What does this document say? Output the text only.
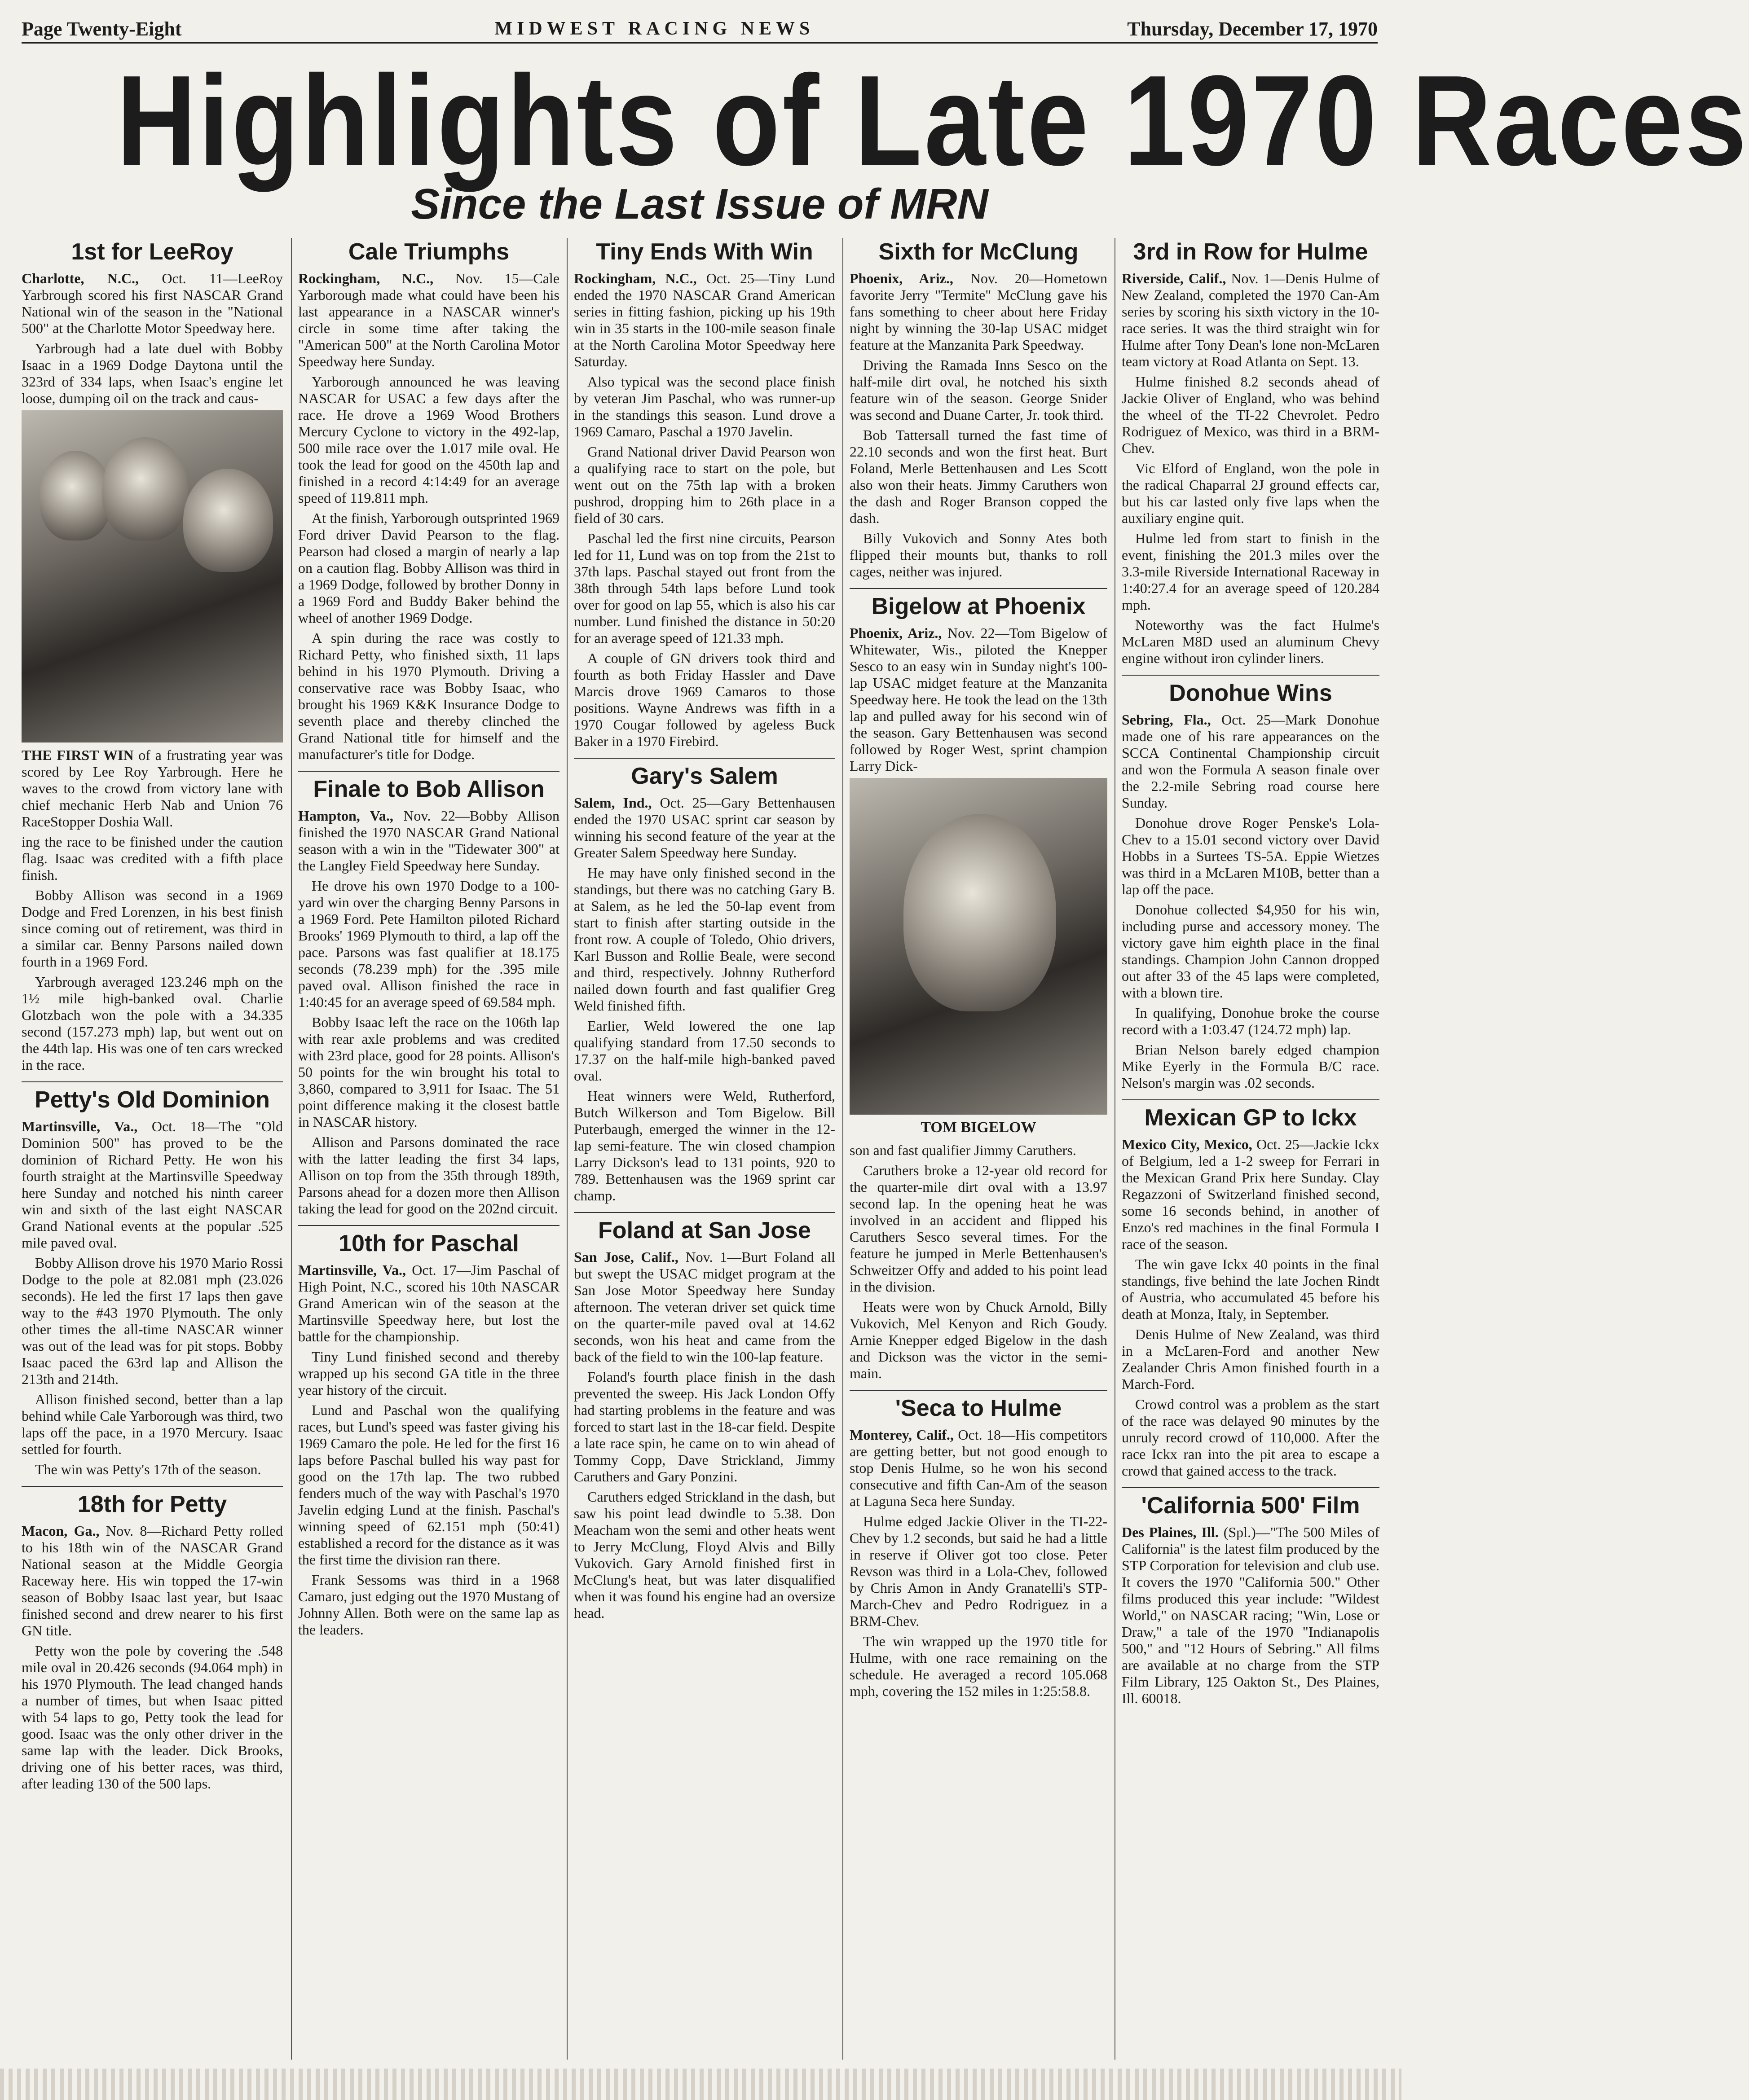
Page Twenty-Eight	MIDWEST RACING NEWS	Thursday, December 17, 1970
Highlights of Late 1970 Races
Since the Last Issue of MRN
1st for LeeRoy

Charlotte, N.C., Oct. 11—LeeRoy Yarbrough scored his first NASCAR Grand National win of the season in the "National 500" at the Charlotte Motor Speedway here.

Yarbrough had a late duel with Bobby Isaac in a 1969 Dodge Daytona until the 323rd of 334 laps, when Isaac's engine let loose, dumping oil on the track and caus-

THE FIRST WIN of a frustrating year was scored by Lee Roy Yarbrough. Here he waves to the crowd from victory lane with chief mechanic Herb Nab and Union 76 RaceStopper Doshia Wall.

ing the race to be finished under the caution flag. Isaac was credited with a fifth place finish.

Bobby Allison was second in a 1969 Dodge and Fred Lorenzen, in his best finish since coming out of retirement, was third in a similar car. Benny Parsons nailed down fourth in a 1969 Ford.

Yarbrough averaged 123.246 mph on the 1½ mile high-banked oval. Charlie Glotzbach won the pole with a 34.335 second (157.273 mph) lap, but went out on the 44th lap. His was one of ten cars wrecked in the race.

Petty's Old Dominion

Martinsville, Va., Oct. 18—The "Old Dominion 500" has proved to be the dominion of Richard Petty. He won his fourth straight at the Martinsville Speedway here Sunday and notched his ninth career win and sixth of the last eight NASCAR Grand National events at the popular .525 mile paved oval.

Bobby Allison drove his 1970 Mario Rossi Dodge to the pole at 82.081 mph (23.026 seconds). He led the first 17 laps then gave way to the #43 1970 Plymouth. The only other times the all-time NASCAR winner was out of the lead was for pit stops. Bobby Isaac paced the 63rd lap and Allison the 213th and 214th.

Allison finished second, better than a lap behind while Cale Yarborough was third, two laps off the pace, in a 1970 Mercury. Isaac settled for fourth.

The win was Petty's 17th of the season.

18th for Petty

Macon, Ga., Nov. 8—Richard Petty rolled to his 18th win of the NASCAR Grand National season at the Middle Georgia Raceway here. His win topped the 17-win season of Bobby Isaac last year, but Isaac finished second and drew nearer to his first GN title.

Petty won the pole by covering the .548 mile oval in 20.426 seconds (94.064 mph) in his 1970 Plymouth. The lead changed hands a number of times, but when Isaac pitted with 54 laps to go, Petty took the lead for good. Isaac was the only other driver in the same lap with the leader. Dick Brooks, driving one of his better races, was third, after leading 130 of the 500 laps.

Cale Triumphs

Rockingham, N.C., Nov. 15—Cale Yarborough made what could have been his last appearance in a NASCAR winner's circle in some time after taking the "American 500" at the North Carolina Motor Speedway here Sunday.

Yarborough announced he was leaving NASCAR for USAC a few days after the race. He drove a 1969 Wood Brothers Mercury Cyclone to victory in the 492-lap, 500 mile race over the 1.017 mile oval. He took the lead for good on the 450th lap and finished in a record 4:14:49 for an average speed of 119.811 mph.

At the finish, Yarborough outsprinted 1969 Ford driver David Pearson to the flag. Pearson had closed a margin of nearly a lap on a caution flag. Bobby Allison was third in a 1969 Dodge, followed by brother Donny in a 1969 Ford and Buddy Baker behind the wheel of another 1969 Dodge.

A spin during the race was costly to Richard Petty, who finished sixth, 11 laps behind in his 1970 Plymouth. Driving a conservative race was Bobby Isaac, who brought his 1969 K&K Insurance Dodge to seventh place and thereby clinched the Grand National title for himself and the manufacturer's title for Dodge.

Finale to Bob Allison

Hampton, Va., Nov. 22—Bobby Allison finished the 1970 NASCAR Grand National season with a win in the "Tidewater 300" at the Langley Field Speedway here Sunday.

He drove his own 1970 Dodge to a 100-yard win over the charging Benny Parsons in a 1969 Ford. Pete Hamilton piloted Richard Brooks' 1969 Plymouth to third, a lap off the pace. Parsons was fast qualifier at 18.175 seconds (78.239 mph) for the .395 mile paved oval. Allison finished the race in 1:40:45 for an average speed of 69.584 mph.

Bobby Isaac left the race on the 106th lap with rear axle problems and was credited with 23rd place, good for 28 points. Allison's 50 points for the win brought his total to 3,860, compared to 3,911 for Isaac. The 51 point difference making it the closest battle in NASCAR history.

Allison and Parsons dominated the race with the latter leading the first 34 laps, Allison on top from the 35th through 189th, Parsons ahead for a dozen more then Allison taking the lead for good on the 202nd circuit.

10th for Paschal

Martinsville, Va., Oct. 17—Jim Paschal of High Point, N.C., scored his 10th NASCAR Grand American win of the season at the Martinsville Speedway here, but lost the battle for the championship.

Tiny Lund finished second and thereby wrapped up his second GA title in the three year history of the circuit.

Lund and Paschal won the qualifying races, but Lund's speed was faster giving his 1969 Camaro the pole. He led for the first 16 laps before Paschal bulled his way past for good on the 17th lap. The two rubbed fenders much of the way with Paschal's 1970 Javelin edging Lund at the finish. Paschal's winning speed of 62.151 mph (50:41) established a record for the distance as it was the first time the division ran there.

Frank Sessoms was third in a 1968 Camaro, just edging out the 1970 Mustang of Johnny Allen. Both were on the same lap as the leaders.

Tiny Ends With Win

Rockingham, N.C., Oct. 25—Tiny Lund ended the 1970 NASCAR Grand American series in fitting fashion, picking up his 19th win in 35 starts in the 100-mile season finale at the North Carolina Motor Speedway here Saturday.

Also typical was the second place finish by veteran Jim Paschal, who was runner-up in the standings this season. Lund drove a 1969 Camaro, Paschal a 1970 Javelin.

Grand National driver David Pearson won a qualifying race to start on the pole, but went out on the 75th lap with a broken pushrod, dropping him to 26th place in a field of 30 cars.

Paschal led the first nine circuits, Pearson led for 11, Lund was on top from the 21st to 37th laps. Paschal stayed out front from the 38th through 54th laps before Lund took over for good on lap 55, which is also his car number. Lund finished the distance in 50:20 for an average speed of 121.33 mph.

A couple of GN drivers took third and fourth as both Friday Hassler and Dave Marcis drove 1969 Camaros to those positions. Wayne Andrews was fifth in a 1970 Cougar followed by ageless Buck Baker in a 1970 Firebird.

Gary's Salem

Salem, Ind., Oct. 25—Gary Bettenhausen ended the 1970 USAC sprint car season by winning his second feature of the year at the Greater Salem Speedway here Sunday.

He may have only finished second in the standings, but there was no catching Gary B. at Salem, as he led the 50-lap event from start to finish after starting outside in the front row. A couple of Toledo, Ohio drivers, Karl Busson and Rollie Beale, were second and third, respectively. Johnny Rutherford nailed down fourth and fast qualifier Greg Weld finished fifth.

Earlier, Weld lowered the one lap qualifying standard from 17.50 seconds to 17.37 on the half-mile high-banked paved oval.

Heat winners were Weld, Rutherford, Butch Wilkerson and Tom Bigelow. Bill Puterbaugh, emerged the winner in the 12-lap semi-feature. The win closed champion Larry Dickson's lead to 131 points, 920 to 789. Bettenhausen was the 1969 sprint car champ.

Foland at San Jose

San Jose, Calif., Nov. 1—Burt Foland all but swept the USAC midget program at the San Jose Motor Speedway here Sunday afternoon. The veteran driver set quick time on the quarter-mile paved oval at 14.62 seconds, won his heat and came from the back of the field to win the 100-lap feature.

Foland's fourth place finish in the dash prevented the sweep. His Jack London Offy had starting problems in the feature and was forced to start last in the 18-car field. Despite a late race spin, he came on to win ahead of Tommy Copp, Dave Strickland, Jimmy Caruthers and Gary Ponzini.

Caruthers edged Strickland in the dash, but saw his point lead dwindle to 5.38. Don Meacham won the semi and other heats went to Jerry McClung, Floyd Alvis and Billy Vukovich. Gary Arnold finished first in McClung's heat, but was later disqualified when it was found his engine had an oversize head.

Sixth for McClung

Phoenix, Ariz., Nov. 20—Hometown favorite Jerry "Termite" McClung gave his fans something to cheer about here Friday night by winning the 30-lap USAC midget feature at the Manzanita Park Speedway.

Driving the Ramada Inns Sesco on the half-mile dirt oval, he notched his sixth feature win of the season. George Snider was second and Duane Carter, Jr. took third.

Bob Tattersall turned the fast time of 22.10 seconds and won the first heat. Burt Foland, Merle Bettenhausen and Les Scott also won their heats. Jimmy Caruthers won the dash and Roger Branson copped the dash.

Billy Vukovich and Sonny Ates both flipped their mounts but, thanks to roll cages, neither was injured.

Bigelow at Phoenix

Phoenix, Ariz., Nov. 22—Tom Bigelow of Whitewater, Wis., piloted the Knepper Sesco to an easy win in Sunday night's 100-lap USAC midget feature at the Manzanita Speedway here. He took the lead on the 13th lap and pulled away for his second win of the season. Gary Bettenhausen was second followed by Roger West, sprint champion Larry Dick-

TOM BIGELOW

son and fast qualifier Jimmy Caruthers.

Caruthers broke a 12-year old record for the quarter-mile dirt oval with a 13.97 second lap. In the opening heat he was involved in an accident and flipped his Caruthers Sesco several times. For the feature he jumped in Merle Bettenhausen's Schweitzer Offy and added to his point lead in the division.

Heats were won by Chuck Arnold, Billy Vukovich, Mel Kenyon and Rich Goudy. Arnie Knepper edged Bigelow in the dash and Dickson was the victor in the semi-main.

'Seca to Hulme

Monterey, Calif., Oct. 18—His competitors are getting better, but not good enough to stop Denis Hulme, so he won his second consecutive and fifth Can-Am of the season at Laguna Seca here Sunday.

Hulme edged Jackie Oliver in the TI-22-Chev by 1.2 seconds, but said he had a little in reserve if Oliver got too close. Peter Revson was third in a Lola-Chev, followed by Chris Amon in Andy Granatelli's STP-March-Chev and Pedro Rodriguez in a BRM-Chev.

The win wrapped up the 1970 title for Hulme, with one race remaining on the schedule. He averaged a record 105.068 mph, covering the 152 miles in 1:25:58.8.

3rd in Row for Hulme

Riverside, Calif., Nov. 1—Denis Hulme of New Zealand, completed the 1970 Can-Am series by scoring his sixth victory in the 10-race series. It was the third straight win for Hulme after Tony Dean's lone non-McLaren team victory at Road Atlanta on Sept. 13.

Hulme finished 8.2 seconds ahead of Jackie Oliver of England, who was behind the wheel of the TI-22 Chevrolet. Pedro Rodriguez of Mexico, was third in a BRM-Chev.

Vic Elford of England, won the pole in the radical Chaparral 2J ground effects car, but his car lasted only five laps when the auxiliary engine quit.

Hulme led from start to finish in the event, finishing the 201.3 miles over the 3.3-mile Riverside International Raceway in 1:40:27.4 for an average speed of 120.284 mph.

Noteworthy was the fact Hulme's McLaren M8D used an aluminum Chevy engine without iron cylinder liners.

Donohue Wins

Sebring, Fla., Oct. 25—Mark Donohue made one of his rare appearances on the SCCA Continental Championship circuit and won the Formula A season finale over the 2.2-mile Sebring road course here Sunday.

Donohue drove Roger Penske's Lola-Chev to a 15.01 second victory over David Hobbs in a Surtees TS-5A. Eppie Wietzes was third in a McLaren M10B, better than a lap off the pace.

Donohue collected $4,950 for his win, including purse and accessory money. The victory gave him eighth place in the final standings. Champion John Cannon dropped out after 33 of the 45 laps were completed, with a blown tire.

In qualifying, Donohue broke the course record with a 1:03.47 (124.72 mph) lap.

Brian Nelson barely edged champion Mike Eyerly in the Formula B/C race. Nelson's margin was .02 seconds.

Mexican GP to Ickx

Mexico City, Mexico, Oct. 25—Jackie Ickx of Belgium, led a 1-2 sweep for Ferrari in the Mexican Grand Prix here Sunday. Clay Regazzoni of Switzerland finished second, some 16 seconds behind, in another of Enzo's red machines in the final Formula I race of the season.

The win gave Ickx 40 points in the final standings, five behind the late Jochen Rindt of Austria, who accumulated 45 before his death at Monza, Italy, in September.

Denis Hulme of New Zealand, was third in a McLaren-Ford and another New Zealander Chris Amon finished fourth in a March-Ford.

Crowd control was a problem as the start of the race was delayed 90 minutes by the unruly record crowd of 110,000. After the race Ickx ran into the pit area to escape a crowd that gained access to the track.

'California 500' Film

Des Plaines, Ill. (Spl.)—"The 500 Miles of California" is the latest film produced by the STP Corporation for television and club use. It covers the 1970 "California 500." Other films produced this year include: "Wildest World," on NASCAR racing; "Win, Lose or Draw," a tale of the 1970 "Indianapolis 500," and "12 Hours of Sebring." All films are available at no charge from the STP Film Library, 125 Oakton St., Des Plaines, Ill. 60018.
